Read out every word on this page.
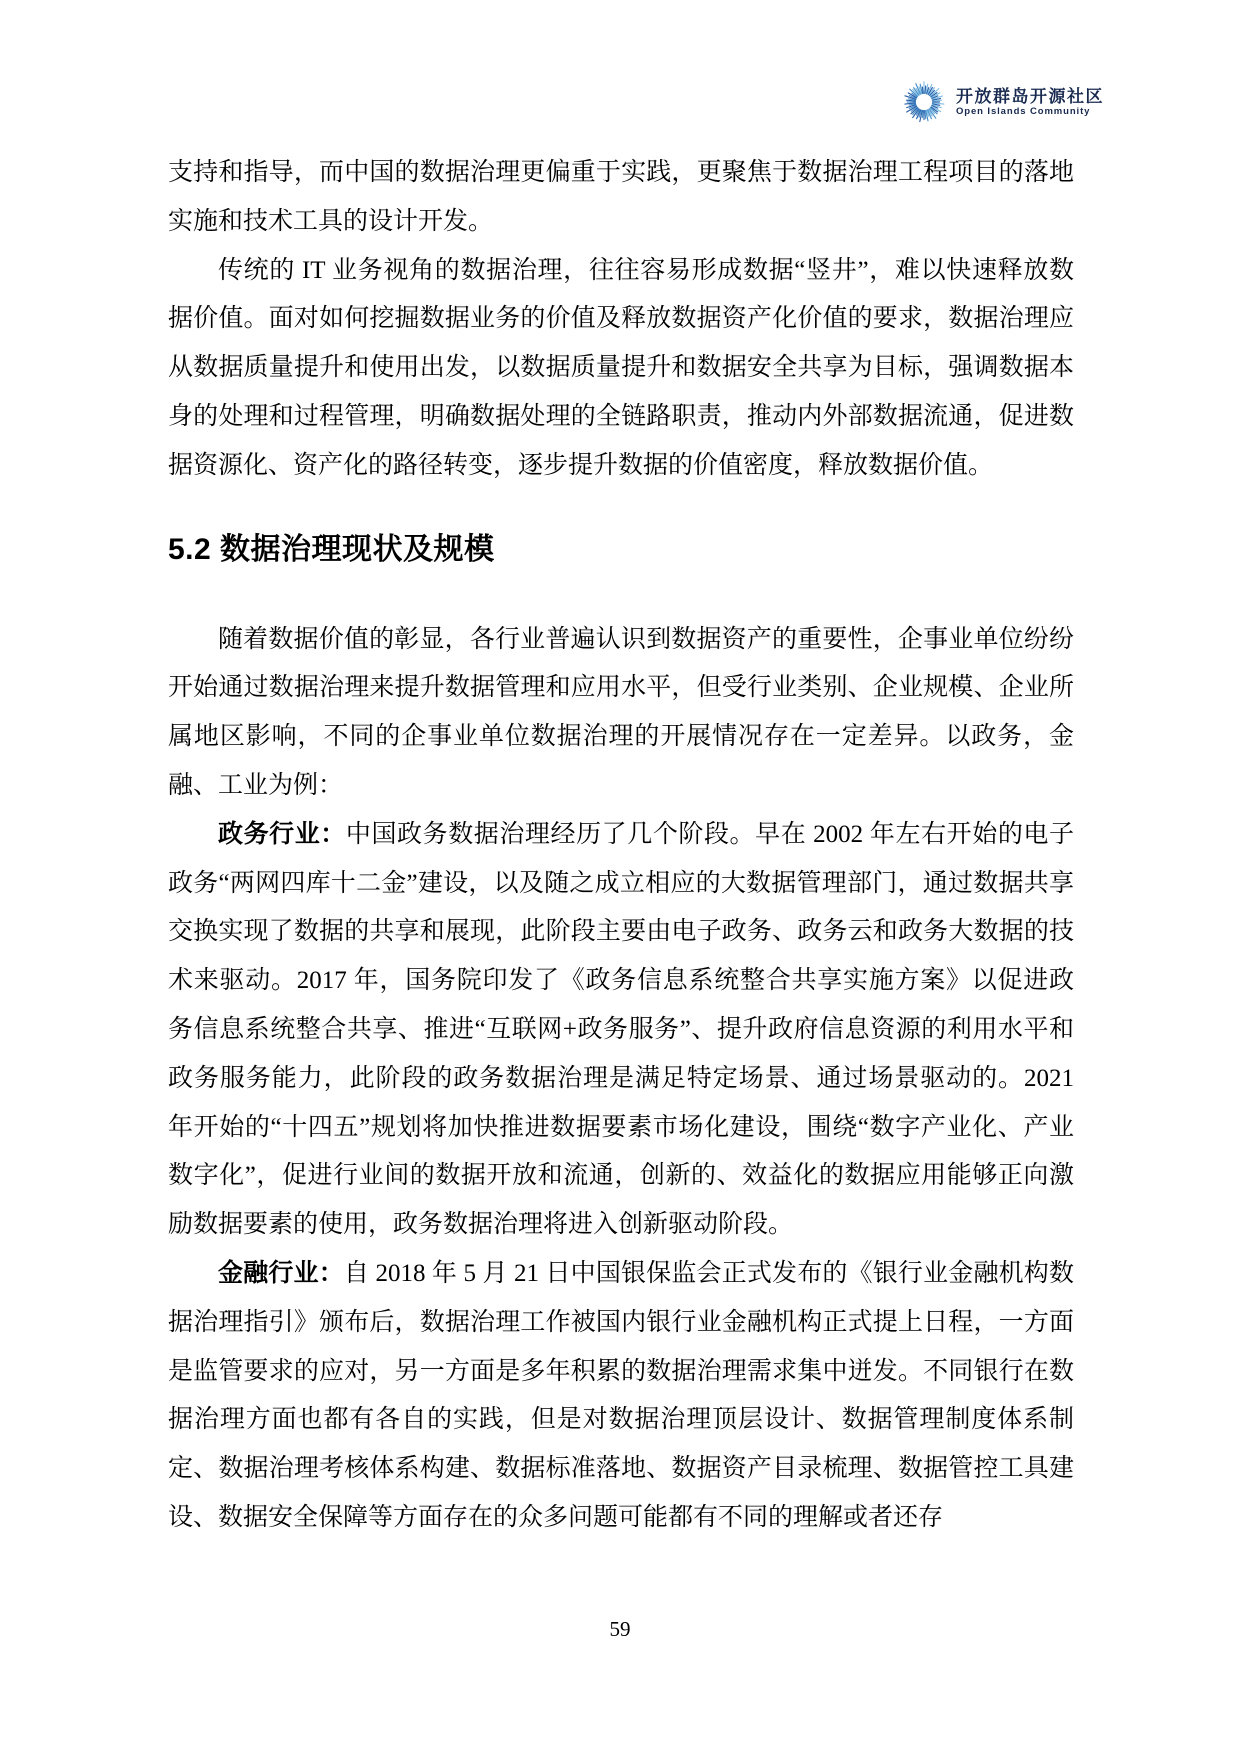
开放群岛开源社区
Open Islands Community

支持和指导，而中国的数据治理更偏重于实践，更聚焦于数据治理工程项目的落地实施和技术工具的设计开发。

传统的 IT 业务视角的数据治理，往往容易形成数据“竖井”，难以快速释放数据价值。面对如何挖掘数据业务的价值及释放数据资产化价值的要求，数据治理应从数据质量提升和使用出发，以数据质量提升和数据安全共享为目标，强调数据本身的处理和过程管理，明确数据处理的全链路职责，推动内外部数据流通，促进数据资源化、资产化的路径转变，逐步提升数据的价值密度，释放数据价值。

5.2 数据治理现状及规模

随着数据价值的彰显，各行业普遍认识到数据资产的重要性，企事业单位纷纷开始通过数据治理来提升数据管理和应用水平，但受行业类别、企业规模、企业所属地区影响，不同的企事业单位数据治理的开展情况存在一定差异。以政务，金融、工业为例：

政务行业：中国政务数据治理经历了几个阶段。早在 2002 年左右开始的电子政务“两网四库十二金”建设，以及随之成立相应的大数据管理部门，通过数据共享交换实现了数据的共享和展现，此阶段主要由电子政务、政务云和政务大数据的技术来驱动。2017 年，国务院印发了《政务信息系统整合共享实施方案》以促进政务信息系统整合共享、推进“互联网+政务服务”、提升政府信息资源的利用水平和政务服务能力，此阶段的政务数据治理是满足特定场景、通过场景驱动的。2021 年开始的“十四五”规划将加快推进数据要素市场化建设，围绕“数字产业化、产业数字化”，促进行业间的数据开放和流通，创新的、效益化的数据应用能够正向激励数据要素的使用，政务数据治理将进入创新驱动阶段。

金融行业：自 2018 年 5 月 21 日中国银保监会正式发布的《银行业金融机构数据治理指引》颁布后，数据治理工作被国内银行业金融机构正式提上日程，一方面是监管要求的应对，另一方面是多年积累的数据治理需求集中迸发。不同银行在数据治理方面也都有各自的实践，但是对数据治理顶层设计、数据管理制度体系制定、数据治理考核体系构建、数据标准落地、数据资产目录梳理、数据管控工具建设、数据安全保障等方面存在的众多问题可能都有不同的理解或者还存

59
